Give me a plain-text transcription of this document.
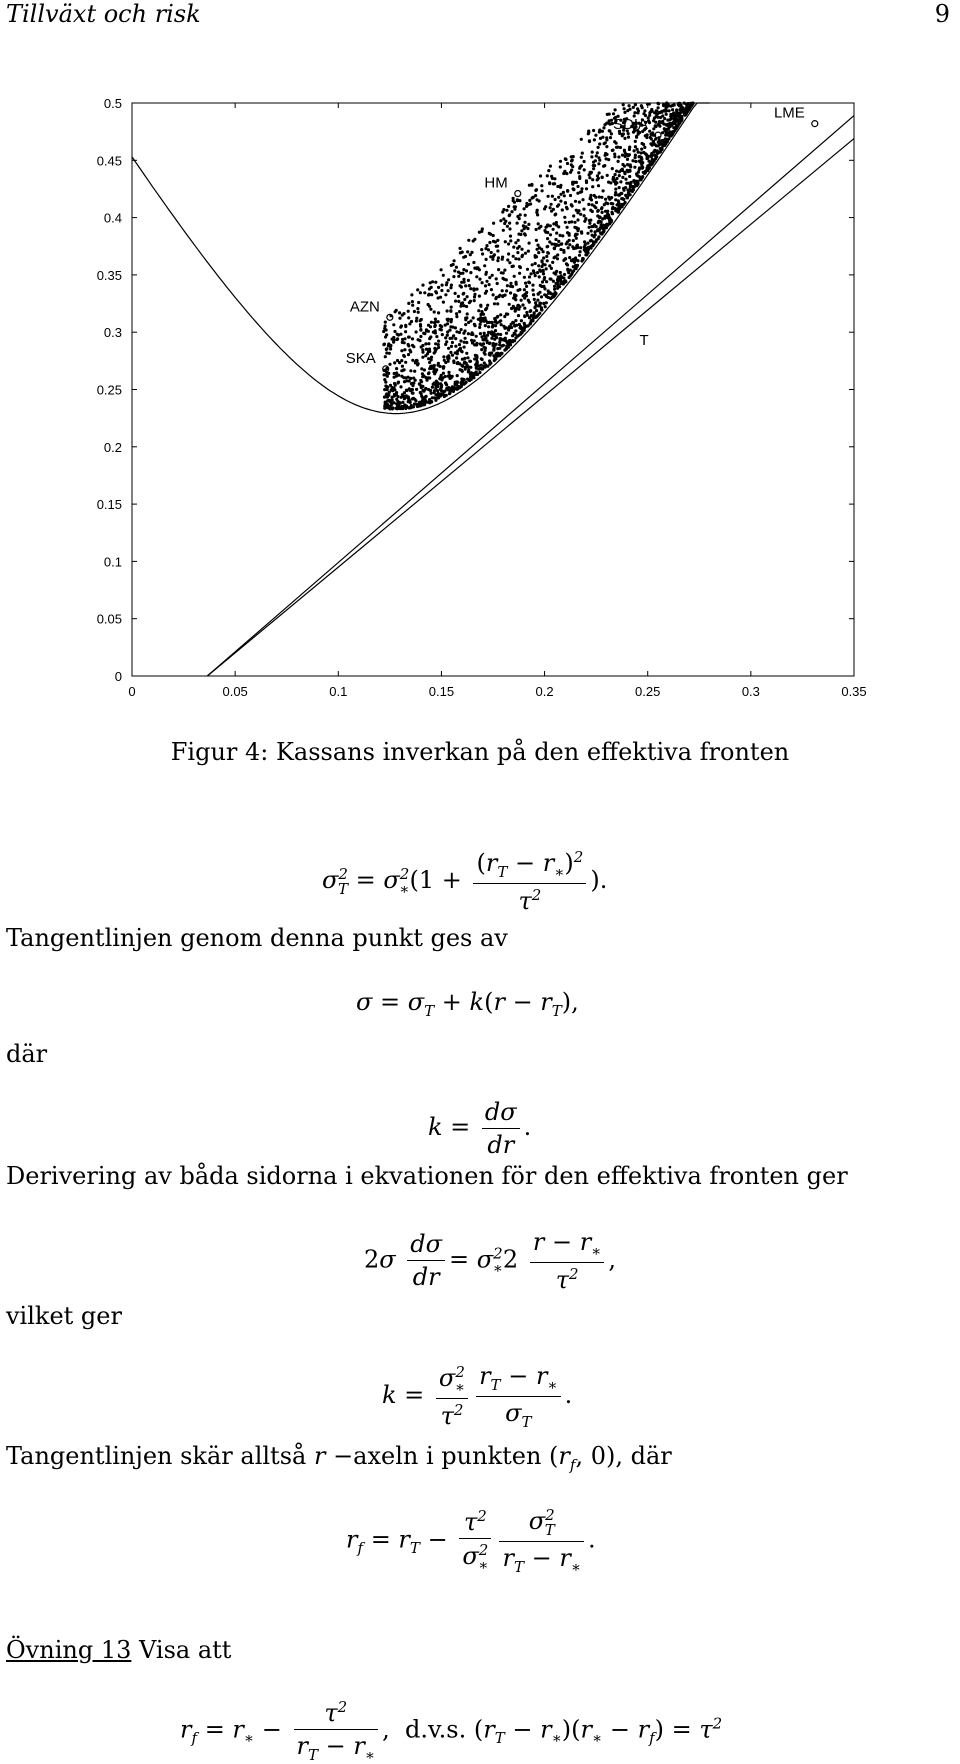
Tillväxt och risk	9
0	0.05	0.1	0.15	0.2	0.25	0.3	0.35
0
0.05
0.1
0.15
0.2
0.25
0.3
0.35
0.4
0.45
0.5
AZN
SKA
HM
SDIA
LME
T
Figur 4: Kassans inverkan på den effektiva fronten
$\sigma^2_T = \sigma^2_∗(1 + \frac{(r_T - r_∗)^2}{\tau^2}$ ).
Tangentlinjen genom denna punkt ges av
$\sigma = \sigma_T + k(r - r_T)$,
där
$k = \frac{d\sigma}{dr}$ .
Derivering av båda sidorna i ekvationen för den effektiva fronten ger
$2\sigma \frac{d\sigma}{dr} = \sigma^2_∗2 \frac{r - r_∗}{\tau^2}$ ,
vilket ger
$k = \frac{\sigma^2_∗}{\tau^2} \frac{r_T - r_∗}{\sigma_T}$ .
Tangentlinjen skär alltså r −axeln i punkten ($r_f$, 0), där
$r_f = r_T - \frac{\tau^2}{\sigma^2_∗} \frac{\sigma^2_T}{r_T - r_∗}$ .
Övning 13 Visa att
$r_f = r_∗ - \frac{\tau^2}{r_T - r_∗}$ ,  d.v.s. $(r_T - r_∗)(r_∗ - r_f) = \tau^2$
